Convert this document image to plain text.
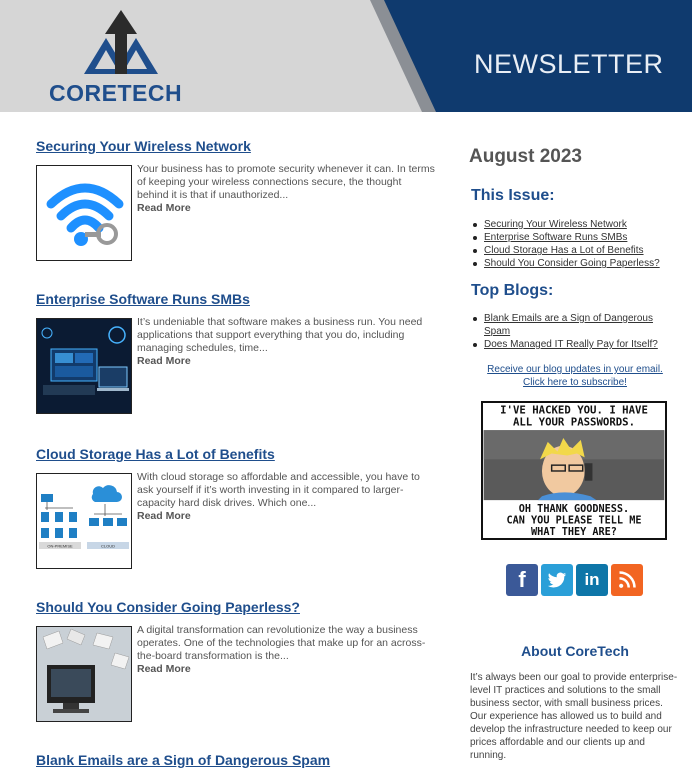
CORETECH
NEWSLETTER
Securing Your Wireless Network
Your business has to promote security whenever it can. In terms of keeping your wireless connections secure, the thought behind it is that if unauthorized...
Read More
Enterprise Software Runs SMBs
It’s undeniable that software makes a business run. You need applications that support everything that you do, including managing schedules, time...
Read More
Cloud Storage Has a Lot of Benefits
ON-PREMISE	CLOUD
With cloud storage so affordable and accessible, you have to ask yourself if it’s worth investing in it compared to larger-capacity hard disk drives. Which one...
Read More
Should You Consider Going Paperless?
A digital transformation can revolutionize the way a business operates. One of the technologies that make up for an across-the-board transformation is the...
Read More
Blank Emails are a Sign of Dangerous Spam
August 2023
This Issue:
Securing Your Wireless Network
Enterprise Software Runs SMBs
Cloud Storage Has a Lot of Benefits
Should You Consider Going Paperless?
Top Blogs:
Blank Emails are a Sign of Dangerous Spam
Does Managed IT Really Pay for Itself?
Receive our blog updates in your email.
Click here to subscribe!
I'VE HACKED YOU. I HAVE
ALL YOUR PASSWORDS.
OH THANK GOODNESS.
CAN YOU PLEASE TELL ME
WHAT THEY ARE?
f	in
About CoreTech
It’s always been our goal to provide enterprise-level IT practices and solutions to the small business sector, with small business prices. Our experience has allowed us to build and develop the infrastructure needed to keep our prices affordable and our clients up and running.
